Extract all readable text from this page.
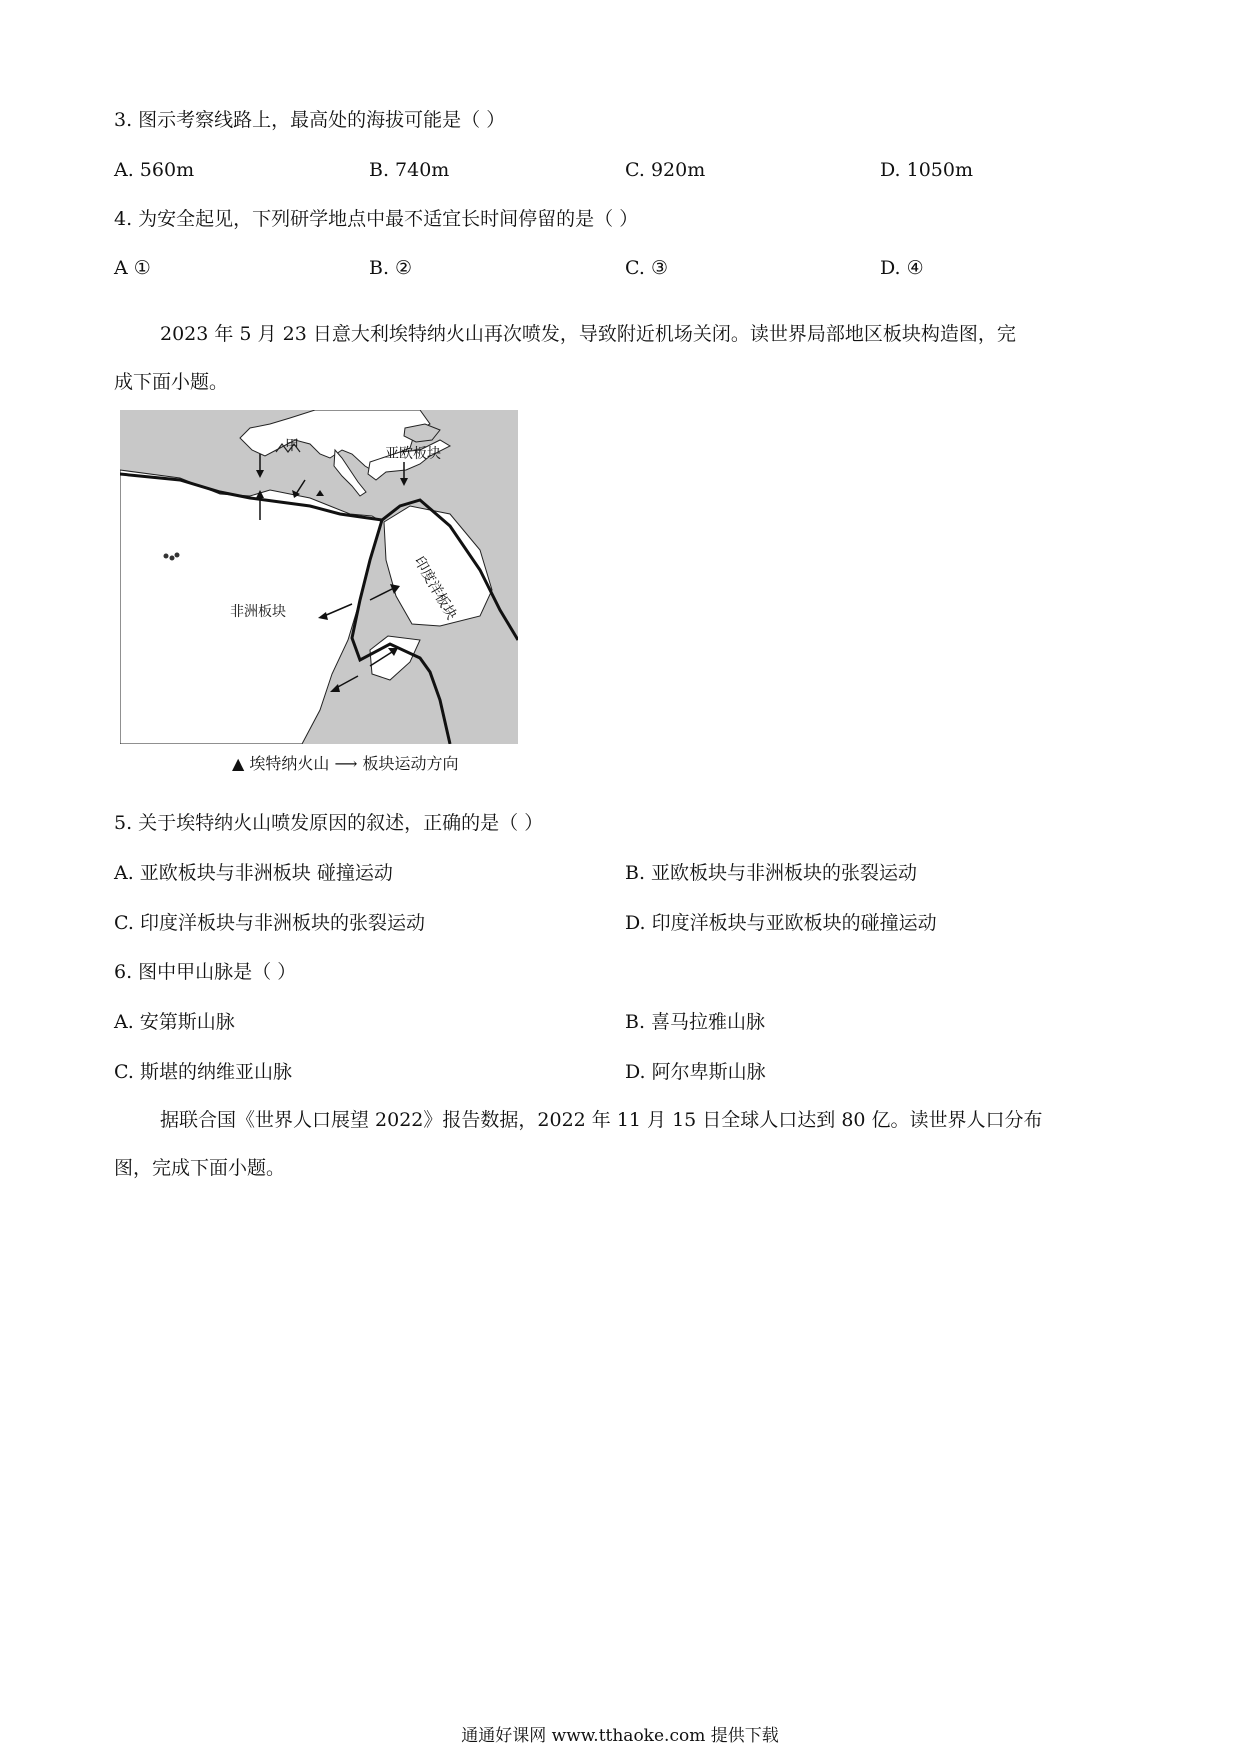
3. 图示考察线路上，最高处的海拔可能是（ ）
A. 560m	B. 740m	C. 920m	D. 1050m
4. 为安全起见，下列研学地点中最不适宜长时间停留的是（ ）
A ①	B. ②	C. ③	D. ④
2023 年 5 月 23 日意大利埃特纳火山再次喷发，导致附近机场关闭。读世界局部地区板块构造图，完
成下面小题。
甲	亚欧板块
非洲板块	印度洋板块
▲ 埃特纳火山 ⟶ 板块运动方向
5. 关于埃特纳火山喷发原因的叙述，正确的是（ ）
A. 亚欧板块与非洲板块 碰撞运动	B. 亚欧板块与非洲板块的张裂运动
C. 印度洋板块与非洲板块的张裂运动	D. 印度洋板块与亚欧板块的碰撞运动
6. 图中甲山脉是（ ）
A. 安第斯山脉	B. 喜马拉雅山脉
C. 斯堪的纳维亚山脉	D. 阿尔卑斯山脉
据联合国《世界人口展望 2022》报告数据，2022 年 11 月 15 日全球人口达到 80 亿。读世界人口分布
图，完成下面小题。
通通好课网 www.tthaoke.com 提供下载
